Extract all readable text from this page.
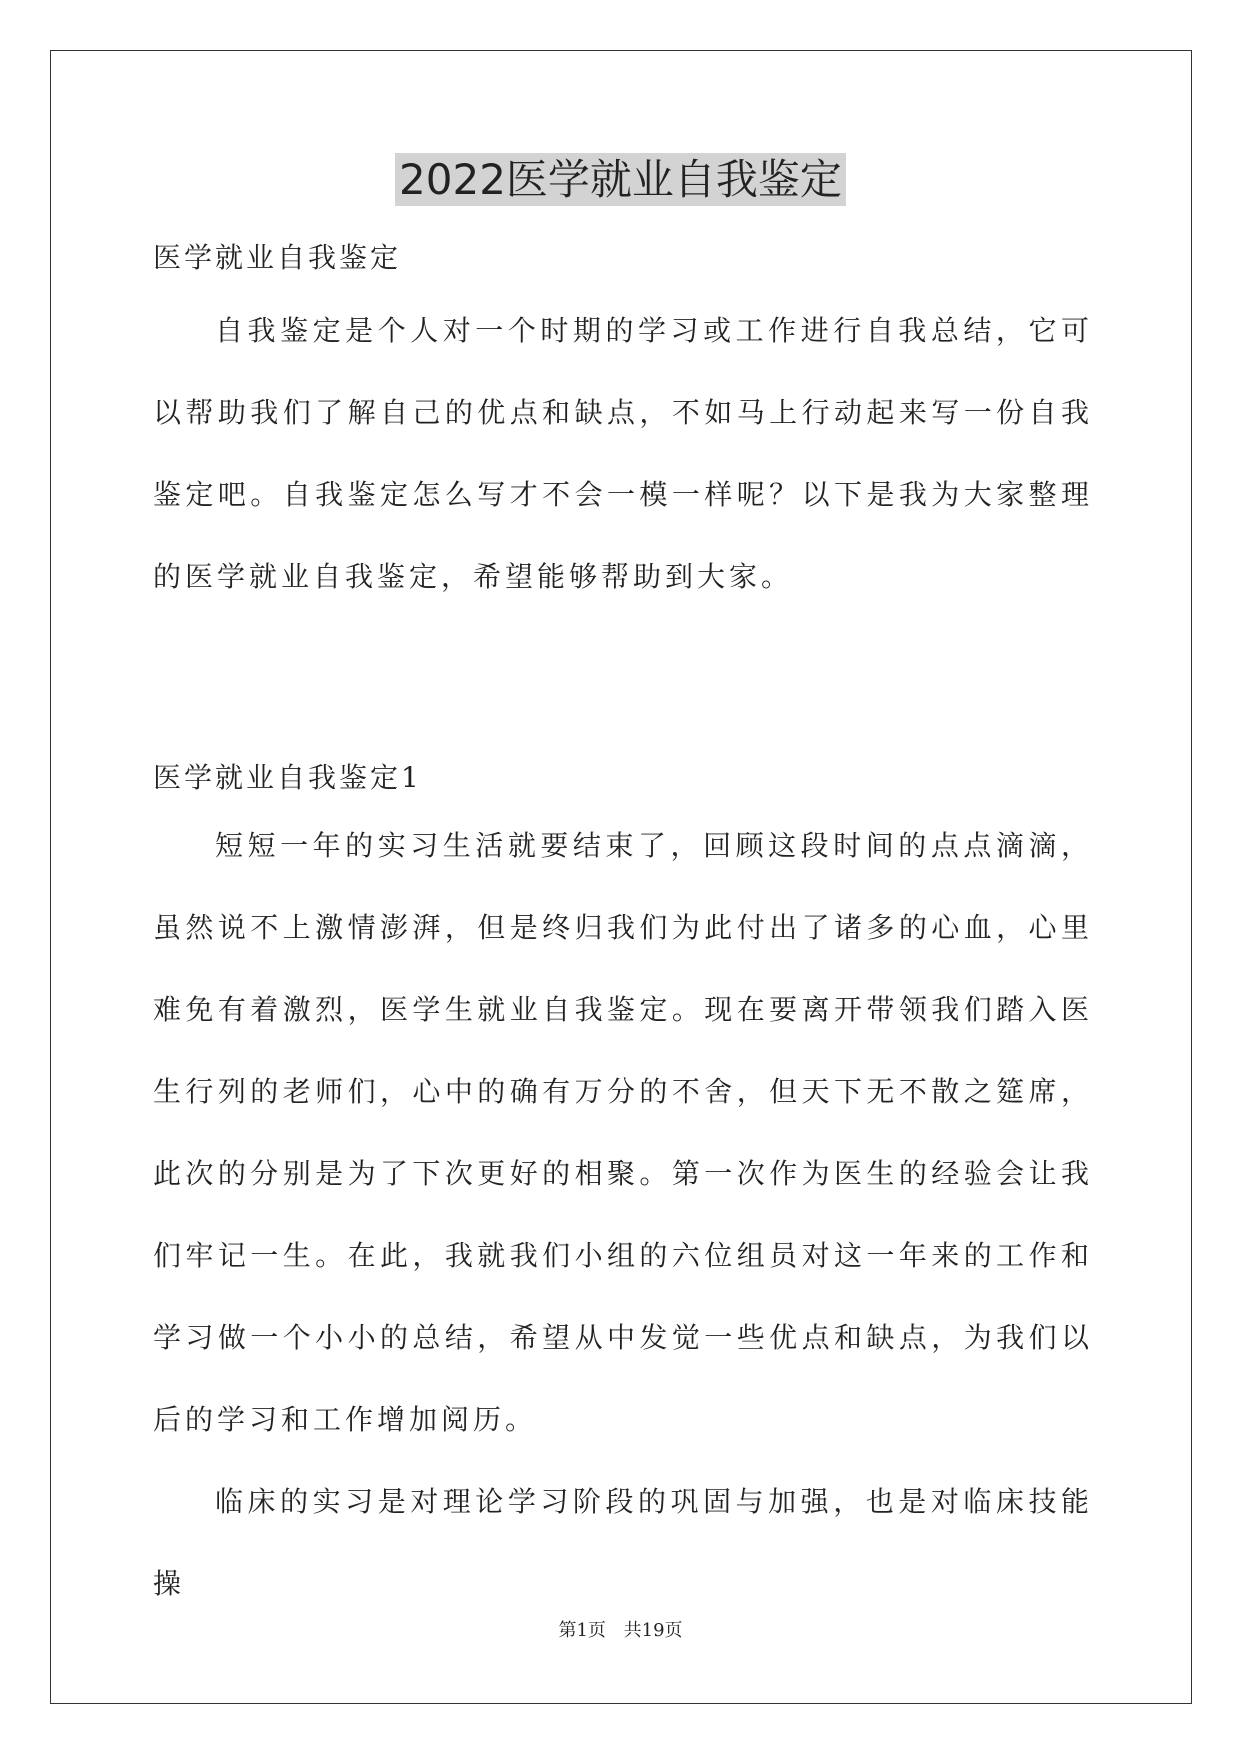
2022医学就业自我鉴定
医学就业自我鉴定

自我鉴定是个人对一个时期的学习或工作进行自我总结，它可以帮助我们了解自己的优点和缺点，不如马上行动起来写一份自我鉴定吧。自我鉴定怎么写才不会一模一样呢？以下是我为大家整理的医学就业自我鉴定，希望能够帮助到大家。

医学就业自我鉴定1

短短一年的实习生活就要结束了，回顾这段时间的点点滴滴，虽然说不上激情澎湃，但是终归我们为此付出了诸多的心血，心里难免有着激烈，医学生就业自我鉴定。现在要离开带领我们踏入医生行列的老师们，心中的确有万分的不舍，但天下无不散之筵席，此次的分别是为了下次更好的相聚。第一次作为医生的经验会让我们牢记一生。在此，我就我们小组的六位组员对这一年来的工作和学习做一个小小的总结，希望从中发觉一些优点和缺点，为我们以后的学习和工作增加阅历。

临床的实习是对理论学习阶段的巩固与加强，也是对临床技能操

第1页 共19页
